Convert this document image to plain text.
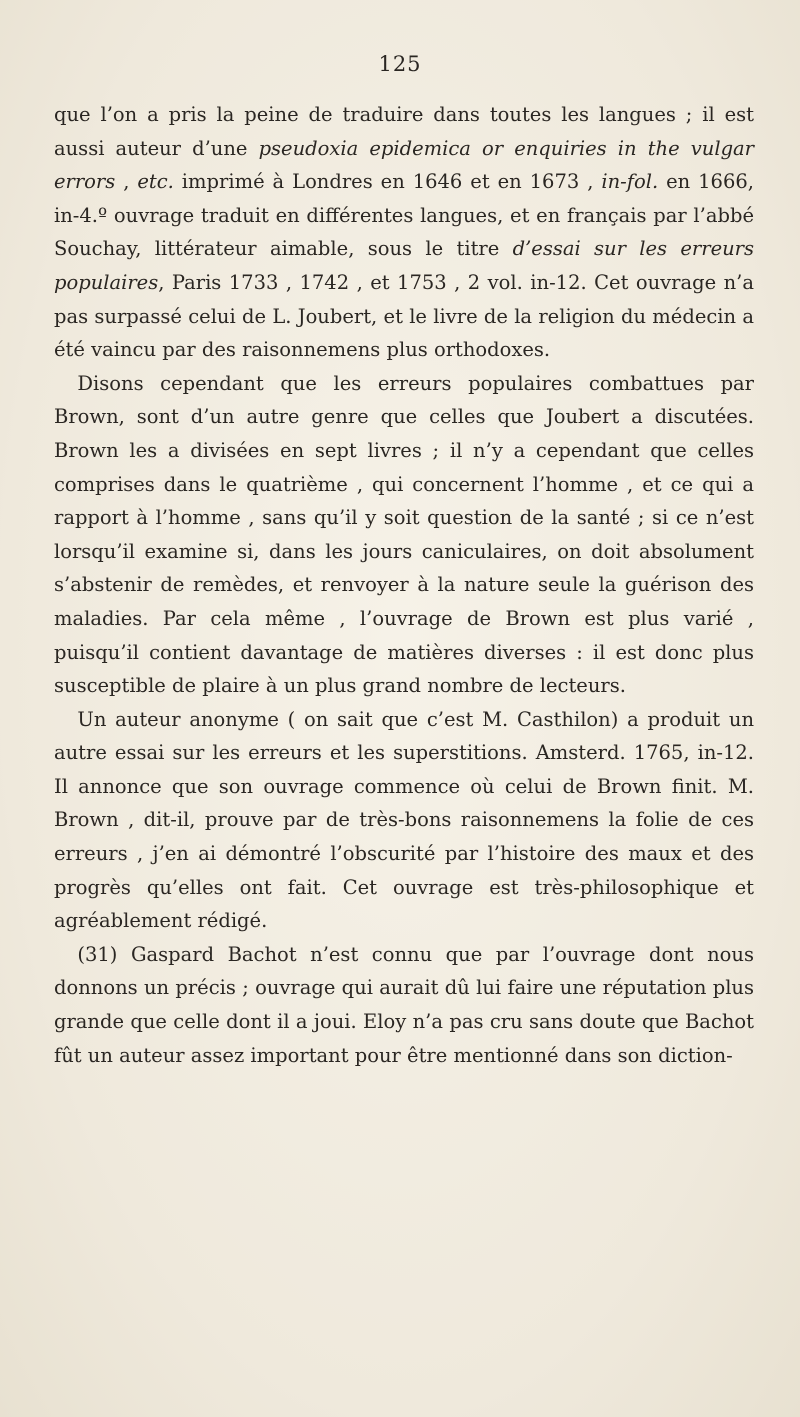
125

que l’on a pris la peine de traduire dans toutes les langues ; il est aussi auteur d’une pseudoxia epidemica or enquiries in the vulgar errors , etc. imprimé à Londres en 1646 et en 1673 , in-fol. en 1666, in-4.º ouvrage traduit en différentes langues, et en français par l’abbé Souchay, littérateur aimable, sous le titre d’essai sur les erreurs populaires, Paris 1733 , 1742 , et 1753 , 2 vol. in-12. Cet ouvrage n’a pas surpassé celui de L. Joubert, et le livre de la religion du médecin a été vaincu par des raisonnemens plus orthodoxes.

Disons cependant que les erreurs populaires combattues par Brown, sont d’un autre genre que celles que Joubert a discutées. Brown les a divisées en sept livres ; il n’y a cependant que celles comprises dans le quatrième , qui concernent l’homme , et ce qui a rapport à l’homme , sans qu’il y soit question de la santé ; si ce n’est lorsqu’il examine si, dans les jours caniculaires, on doit absolument s’abstenir de remèdes, et renvoyer à la nature seule la guérison des maladies. Par cela même , l’ouvrage de Brown est plus varié , puisqu’il contient davantage de matières diverses : il est donc plus susceptible de plaire à un plus grand nombre de lecteurs.

Un auteur anonyme ( on sait que c’est M. Casthilon) a produit un autre essai sur les erreurs et les superstitions. Amsterd. 1765, in-12. Il annonce que son ouvrage commence où celui de Brown finit. M. Brown , dit-il, prouve par de très-bons raisonnemens la folie de ces erreurs , j’en ai démontré l’obscurité par l’histoire des maux et des progrès qu’elles ont fait. Cet ouvrage est très-philosophique et agréablement rédigé.

(31) Gaspard Bachot n’est connu que par l’ouvrage dont nous donnons un précis ; ouvrage qui aurait dû lui faire une réputation plus grande que celle dont il a joui. Eloy n’a pas cru sans doute que Bachot fût un auteur assez important pour être mentionné dans son diction-
